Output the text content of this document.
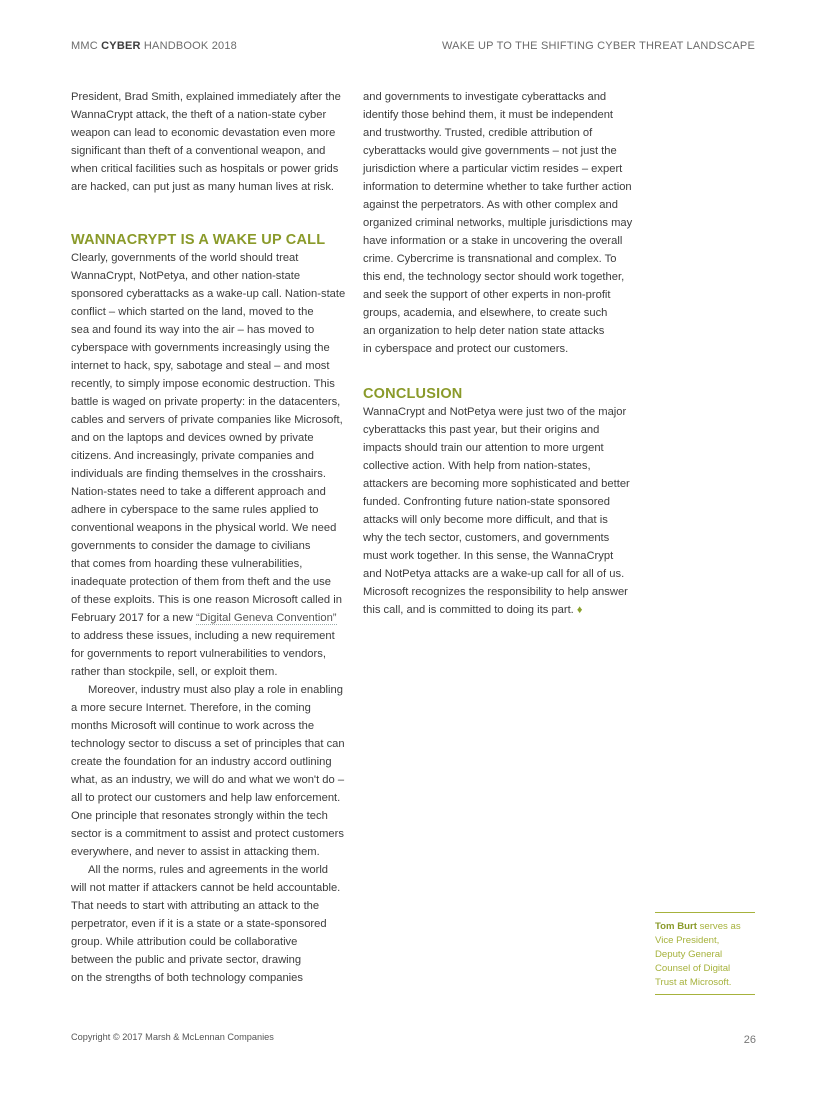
MMC CYBER HANDBOOK 2018	WAKE UP TO THE SHIFTING CYBER THREAT LANDSCAPE
President, Brad Smith, explained immediately after the
WannaCrypt attack, the theft of a nation-state cyber
weapon can lead to economic devastation even more
significant than theft of a conventional weapon, and
when critical facilities such as hospitals or power grids
are hacked, can put just as many human lives at risk.
WANNACRYPT IS A WAKE UP CALL
Clearly, governments of the world should treat
WannaCrypt, NotPetya, and other nation-state
sponsored cyberattacks as a wake-up call. Nation-state
conflict – which started on the land, moved to the
sea and found its way into the air – has moved to
cyberspace with governments increasingly using the
internet to hack, spy, sabotage and steal – and most
recently, to simply impose economic destruction. This
battle is waged on private property: in the datacenters,
cables and servers of private companies like Microsoft,
and on the laptops and devices owned by private
citizens. And increasingly, private companies and
individuals are finding themselves in the crosshairs.
Nation-states need to take a different approach and
adhere in cyberspace to the same rules applied to
conventional weapons in the physical world. We need
governments to consider the damage to civilians
that comes from hoarding these vulnerabilities,
inadequate protection of them from theft and the use
of these exploits. This is one reason Microsoft called in
February 2017 for a new “Digital Geneva Convention”
to address these issues, including a new requirement
for governments to report vulnerabilities to vendors,
rather than stockpile, sell, or exploit them.
Moreover, industry must also play a role in enabling
a more secure Internet. Therefore, in the coming
months Microsoft will continue to work across the
technology sector to discuss a set of principles that can
create the foundation for an industry accord outlining
what, as an industry, we will do and what we won't do –
all to protect our customers and help law enforcement.
One principle that resonates strongly within the tech
sector is a commitment to assist and protect customers
everywhere, and never to assist in attacking them.
All the norms, rules and agreements in the world
will not matter if attackers cannot be held accountable.
That needs to start with attributing an attack to the
perpetrator, even if it is a state or a state-sponsored
group. While attribution could be collaborative
between the public and private sector, drawing
on the strengths of both technology companies
and governments to investigate cyberattacks and
identify those behind them, it must be independent
and trustworthy. Trusted, credible attribution of
cyberattacks would give governments – not just the
jurisdiction where a particular victim resides – expert
information to determine whether to take further action
against the perpetrators. As with other complex and
organized criminal networks, multiple jurisdictions may
have information or a stake in uncovering the overall
crime. Cybercrime is transnational and complex. To
this end, the technology sector should work together,
and seek the support of other experts in non-profit
groups, academia, and elsewhere, to create such
an organization to help deter nation state attacks
in cyberspace and protect our customers.
CONCLUSION
WannaCrypt and NotPetya were just two of the major
cyberattacks this past year, but their origins and
impacts should train our attention to more urgent
collective action. With help from nation-states,
attackers are becoming more sophisticated and better
funded. Confronting future nation-state sponsored
attacks will only become more difficult, and that is
why the tech sector, customers, and governments
must work together. In this sense, the WannaCrypt
and NotPetya attacks are a wake-up call for all of us.
Microsoft recognizes the responsibility to help answer
this call, and is committed to doing its part. ♦
Tom Burt serves as
Vice President,
Deputy General
Counsel of Digital
Trust at Microsoft.
Copyright © 2017 Marsh & McLennan Companies	26
